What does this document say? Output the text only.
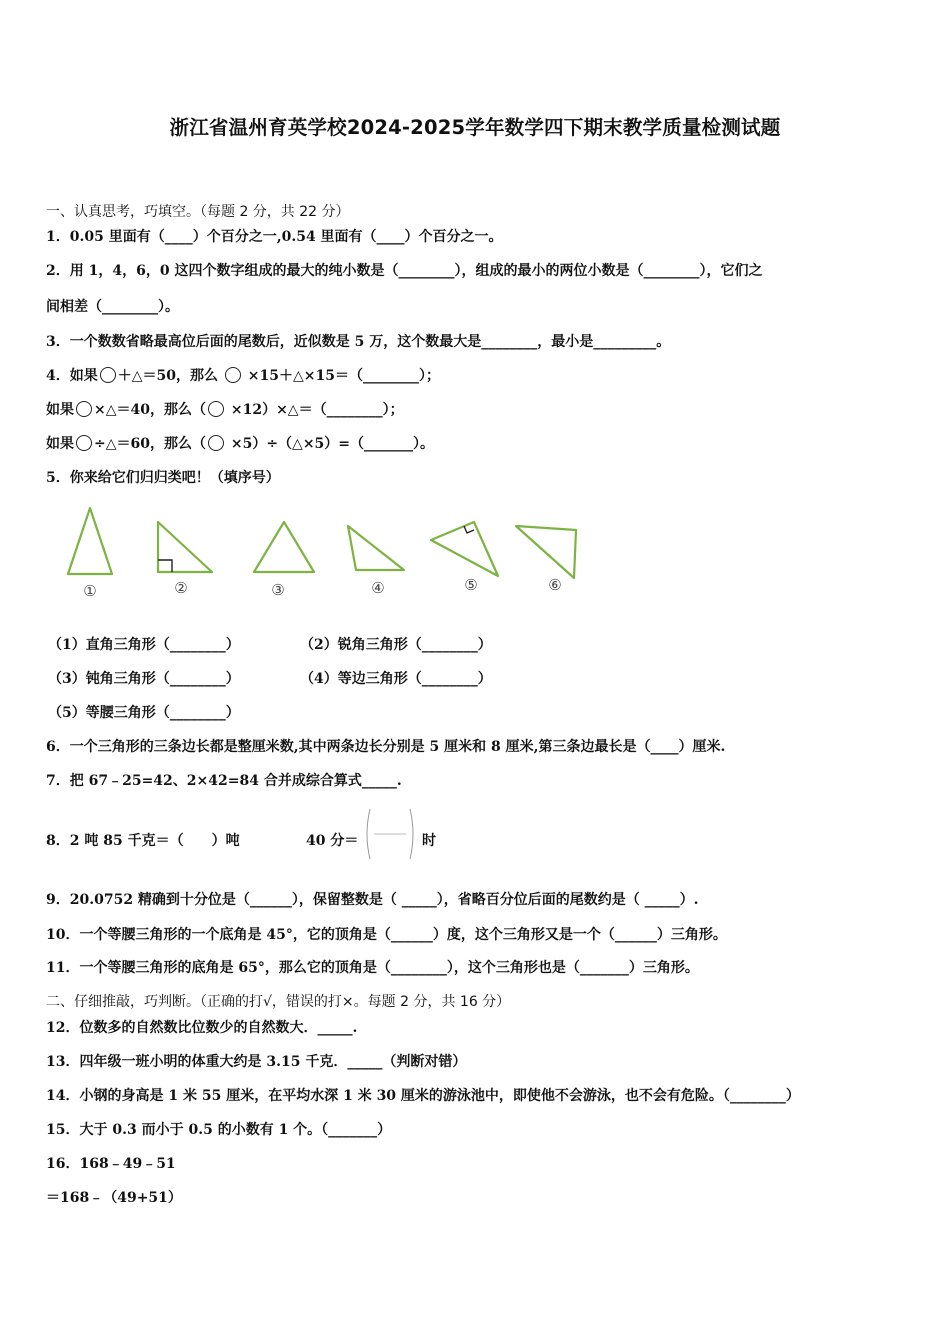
浙江省温州育英学校2024-2025学年数学四下期末教学质量检测试题
一、认真思考，巧填空。（每题 2 分，共 22 分）
1．0.05 里面有（____）个百分之一,0.54 里面有（____）个百分之一。
2．用 1，4，6，0 这四个数字组成的最大的纯小数是（________），组成的最小的两位小数是（________），它们之
间相差（________）。
3．一个数数省略最高位后面的尾数后，近似数是 5 万，这个数最大是________，最小是_________。
4．如果 ＋△＝50，那么 ×15＋△×15＝（________）；
如果 ×△＝40，那么（ ×12）×△＝（________）；
如果 ÷△＝60，那么（ ×5）÷（△×5）=（_______）。
5．你来给它们归归类吧！（填序号）
①	②	③	④	⑤	⑥
（1）直角三角形（________）	（2）锐角三角形（________）
（3）钝角三角形（________）	（4）等边三角形（________）
（5）等腰三角形（________）
6．一个三角形的三条边长都是整厘米数,其中两条边长分别是 5 厘米和 8 厘米,第三条边最长是（____）厘米.
7．把 67﹣25=42、2×42=84 合并成综合算式_____.
8．2 吨 85 千克＝（　　）吨	40 分＝	时
9．20.0752 精确到十分位是（______），保留整数是（ _____），省略百分位后面的尾数约是（ _____）.
10．一个等腰三角形的一个底角是 45°，它的顶角是（______）度，这个三角形又是一个（______）三角形。
11．一个等腰三角形的底角是 65°，那么它的顶角是（________），这个三角形也是（_______）三角形。
二、仔细推敲，巧判断。（正确的打√，错误的打×。每题 2 分，共 16 分）
12．位数多的自然数比位数少的自然数大．_____.
13．四年级一班小明的体重大约是 3.15 千克．_____（判断对错）
14．小钢的身高是 1 米 55 厘米，在平均水深 1 米 30 厘米的游泳池中，即使他不会游泳，也不会有危险。（________）
15．大于 0.3 而小于 0.5 的小数有 1 个。（_______）
16．168﹣49﹣51
＝168﹣（49+51）
